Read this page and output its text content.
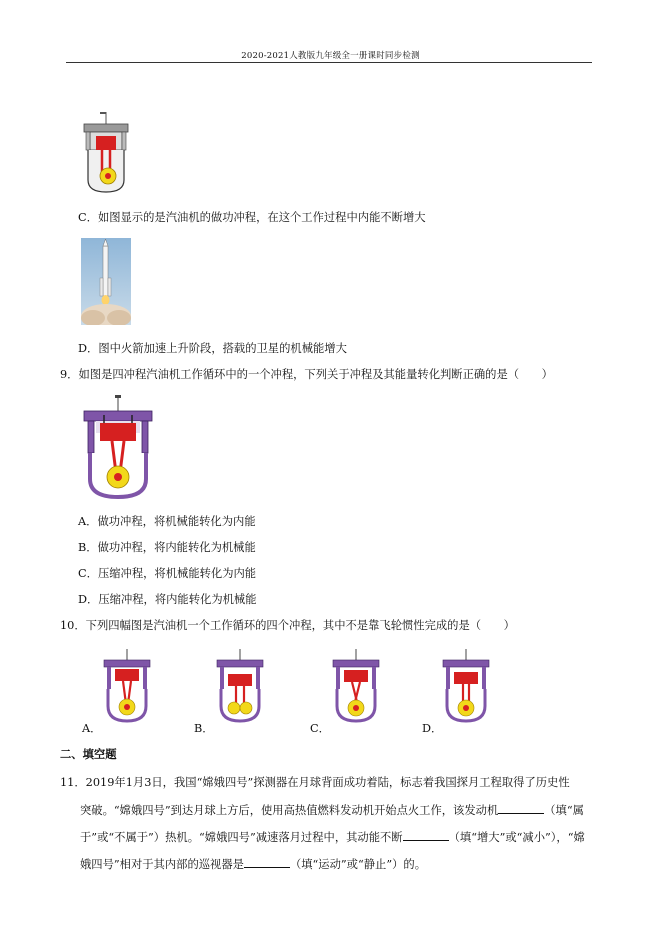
2020-2021人教版九年级全一册课时同步检测
C．如图显示的是汽油机的做功冲程，在这个工作过程中内能不断增大
D．图中火箭加速上升阶段，搭载的卫星的机械能增大
9．如图是四冲程汽油机工作循环中的一个冲程，下列关于冲程及其能量转化判断正确的是（　　）
A．做功冲程，将机械能转化为内能
B．做功冲程，将内能转化为机械能
C．压缩冲程，将机械能转化为内能
D．压缩冲程，将内能转化为机械能
10．下列四幅图是汽油机一个工作循环的四个冲程，其中不是靠飞轮惯性完成的是（　　）
A．	B．	C．	D．
二、填空题
11．2019年1月3日，我国“嫦娥四号”探测器在月球背面成功着陆，标志着我国探月工程取得了历史性
突破。“嫦娥四号”到达月球上方后，使用高热值燃料发动机开始点火工作，该发动机	（填“属
于”或“不属于”）热机。“嫦娥四号”减速落月过程中，其动能不断	（填“增大”或“减小”），“嫦
娥四号”相对于其内部的巡视器是	（填“运动”或“静止”）的。
